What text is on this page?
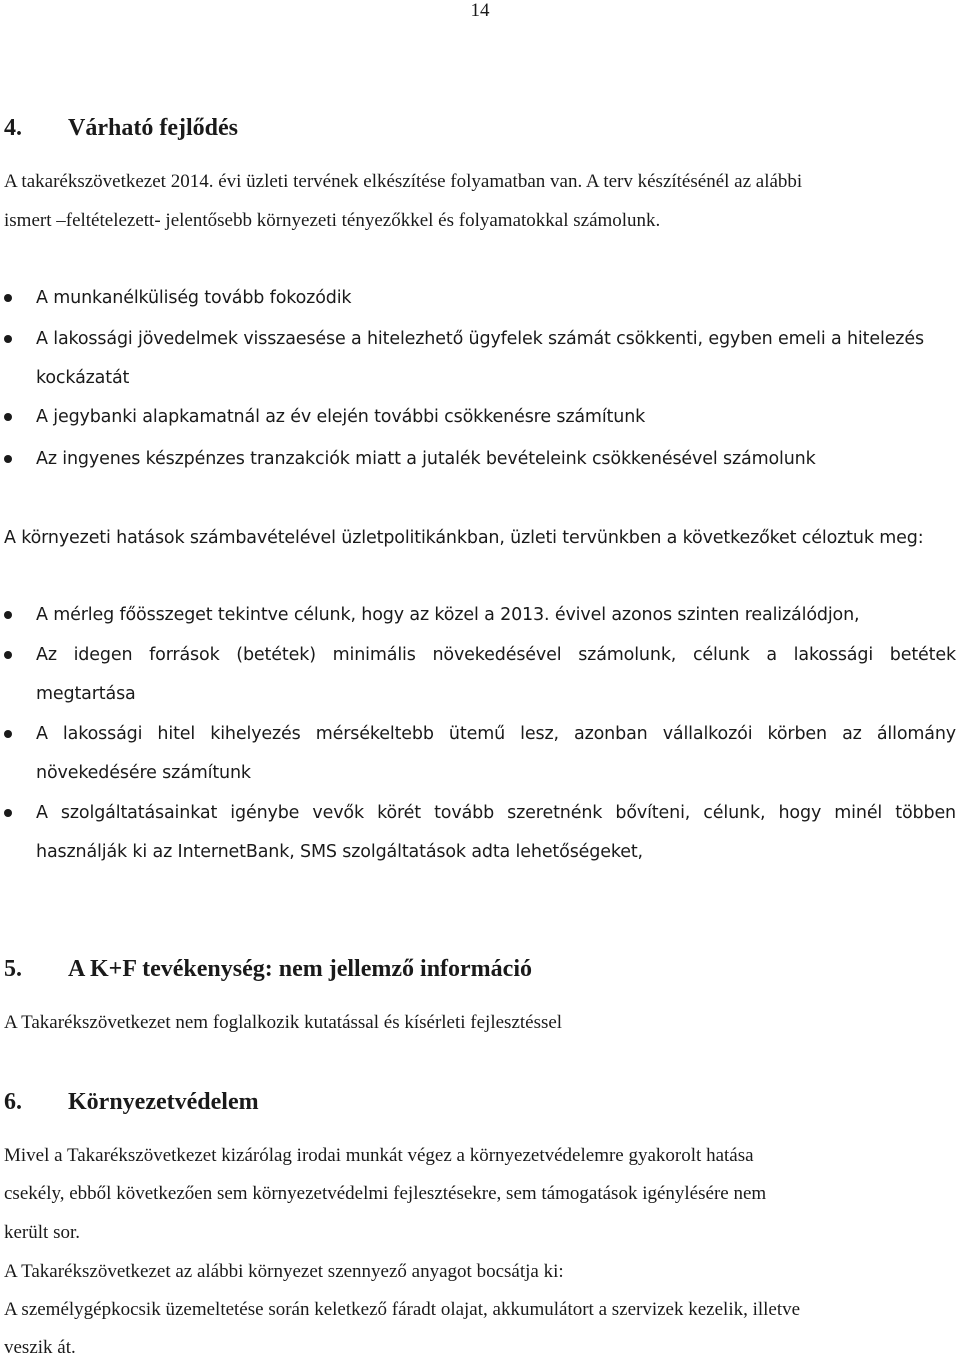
14
4. Várható fejlődés
A takarékszövetkezet 2014. évi üzleti tervének elkészítése folyamatban van. A terv készítésénél az alábbi
ismert –feltételezett- jelentősebb környezeti tényezőkkel és folyamatokkal számolunk.
A munkanélküliség tovább fokozódik
A lakossági jövedelmek visszaesése a hitelezhető ügyfelek számát csökkenti, egyben emeli a hitelezés
kockázatát
A jegybanki alapkamatnál az év elején további csökkenésre számítunk
Az ingyenes készpénzes tranzakciók miatt a jutalék bevételeink csökkenésével számolunk
A környezeti hatások számbavételével üzletpolitikánkban, üzleti tervünkben a következőket céloztuk meg:
A mérleg főösszeget tekintve célunk, hogy az közel a 2013. évivel azonos szinten realizálódjon,
Az idegen források (betétek) minimális növekedésével számolunk, célunk a lakossági betétek
megtartása
A lakossági hitel kihelyezés mérsékeltebb ütemű lesz, azonban vállalkozói körben az állomány
növekedésére számítunk
A szolgáltatásainkat igénybe vevők körét tovább szeretnénk bővíteni, célunk, hogy minél többen
használják ki az InternetBank, SMS szolgáltatások adta lehetőségeket,
5. A K+F tevékenység: nem jellemző információ
A Takarékszövetkezet nem foglalkozik kutatással és kísérleti fejlesztéssel
6. Környezetvédelem
Mivel a Takarékszövetkezet kizárólag irodai munkát végez a környezetvédelemre gyakorolt hatása
csekély, ebből következően sem környezetvédelmi fejlesztésekre, sem támogatások igénylésére nem
került sor.
A Takarékszövetkezet az alábbi környezet szennyező anyagot bocsátja ki:
A személygépkocsik üzemeltetése során keletkező fáradt olajat, akkumulátort a szervizek kezelik, illetve
veszik át.
